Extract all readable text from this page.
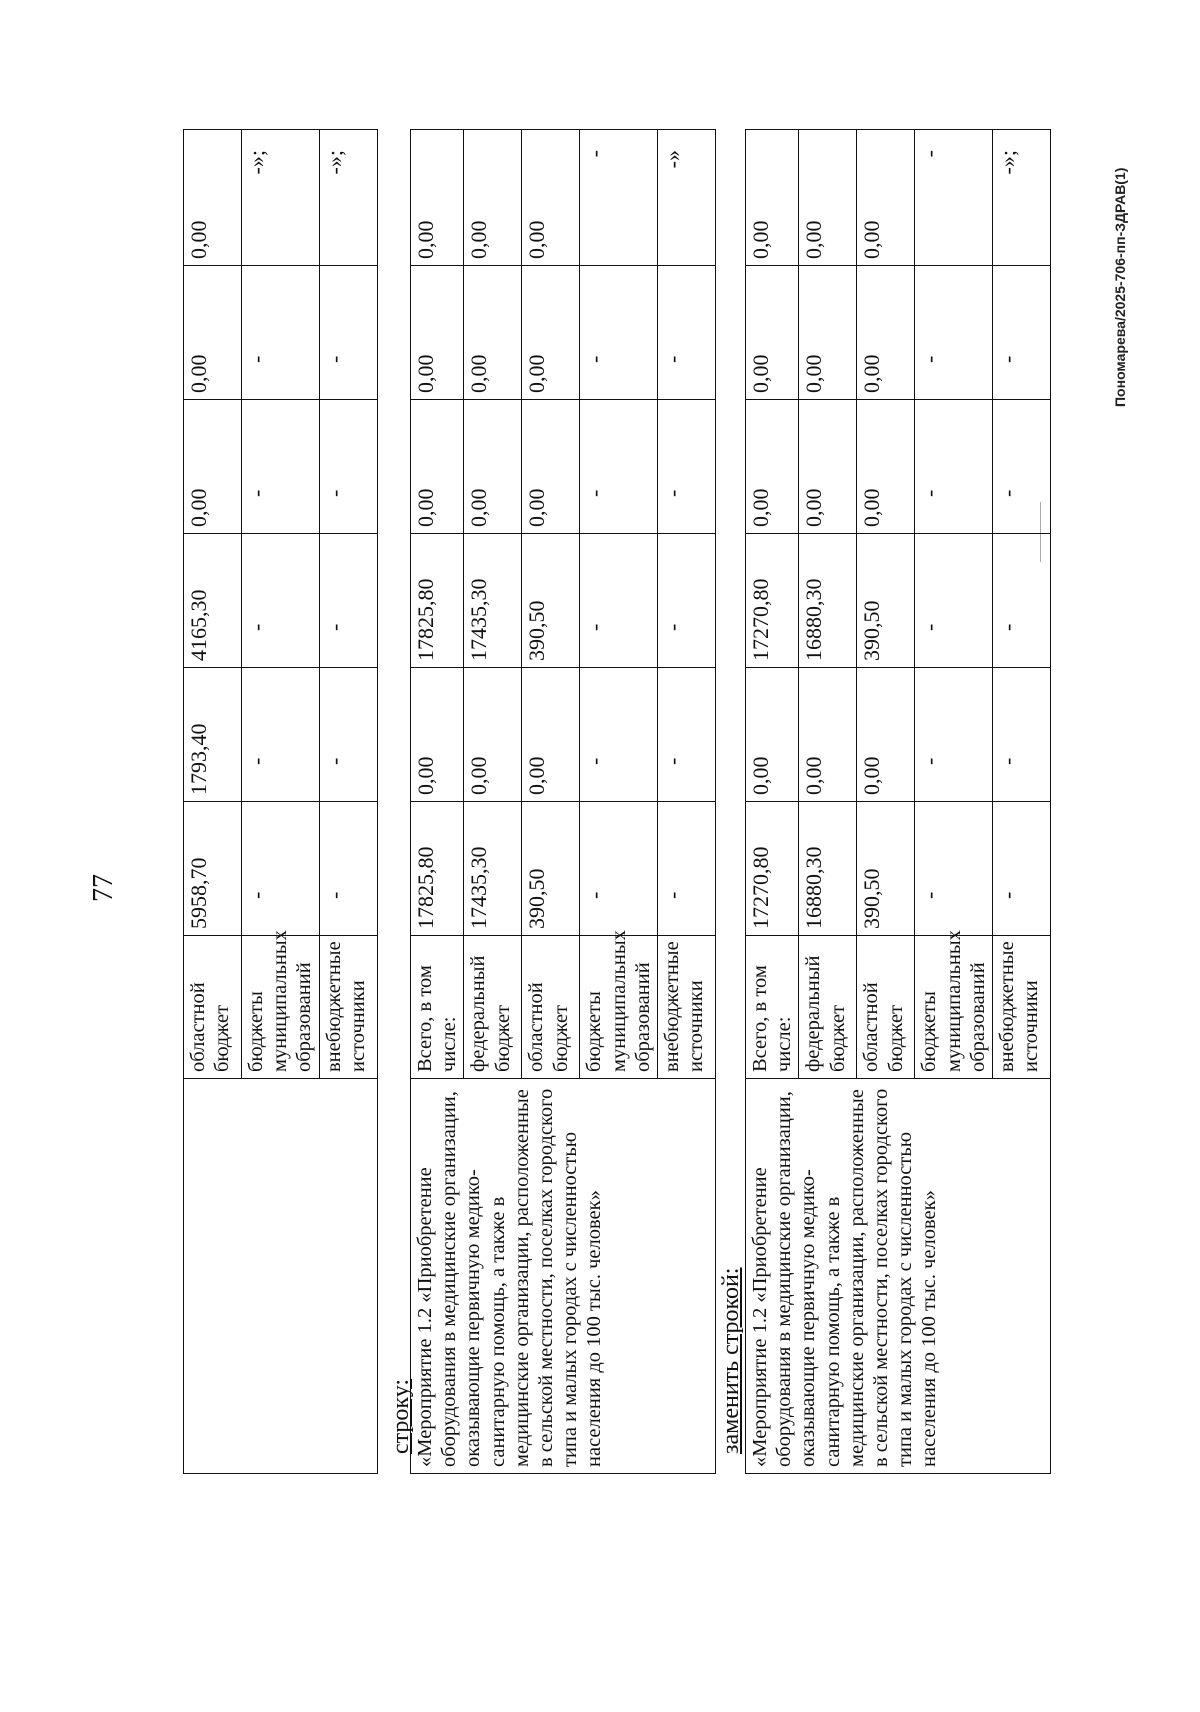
77
Пономарева/2025-706-пп-ЗДРАВ(1)
	областной бюджет	5958,70	1793,40	4165,30	0,00	0,00	0,00
	бюджеты муниципальных образований	-	-	-	-	-	-»;
	внебюджетные источники	-	-	-	-	-	-»;
строку: «Мероприятие 1.2 «Приобретение оборудования в медицинские организации, оказывающие первичную медико-санитарную помощь, а также в медицинские организации, расположенные в сельской местности, поселках городского типа и малых городах с численностью населения до 100 тыс. человек»	Всего, в том числе:	17825,80	0,00	17825,80	0,00	0,00	0,00
	федеральный бюджет	17435,30	0,00	17435,30	0,00	0,00	0,00
	областной бюджет	390,50	0,00	390,50	0,00	0,00	0,00
	бюджеты муниципальных образований	-	-	-	-	-	-
	внебюджетные источники	-	-	-	-	-	-»
заменить строкой: «Мероприятие 1.2 «Приобретение оборудования в медицинские организации, оказывающие первичную медико-санитарную помощь, а также в медицинские организации, расположенные в сельской местности, поселках городского типа и малых городах с численностью населения до 100 тыс. человек»	Всего, в том числе:	17270,80	0,00	17270,80	0,00	0,00	0,00
	федеральный бюджет	16880,30	0,00	16880,30	0,00	0,00	0,00
	областной бюджет	390,50	0,00	390,50	0,00	0,00	0,00
	бюджеты муниципальных образований	-	-	-	-	-	-
	внебюджетные источники	-	-	-	-	-	-»;
